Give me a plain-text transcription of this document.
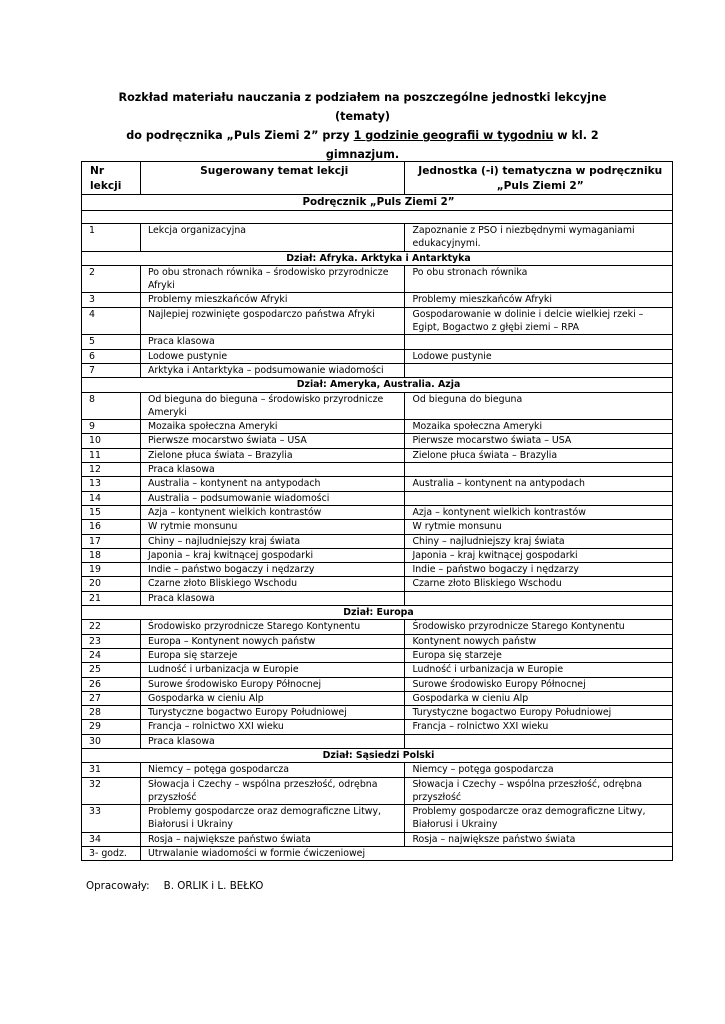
Rozkład materiału nauczania z podziałem na poszczególne jednostki lekcyjne (tematy)
do podręcznika „Puls Ziemi 2” przy 1 godzinie geografii w tygodniu w kl. 2 gimnazjum.
Nr lekcji	Sugerowany temat lekcji	Jednostka (-i) tematyczna w podręczniku „Puls Ziemi 2”
Podręcznik „Puls Ziemi 2”		

1	Lekcja organizacyjna	Zapoznanie z PSO i niezbędnymi wymaganiami edukacyjnymi.
Dział: Afryka. Arktyka i Antarktyka		
2	Po obu stronach równika – środowisko przyrodnicze Afryki	Po obu stronach równika
3	Problemy mieszkańców Afryki	Problemy mieszkańców Afryki
4	Najlepiej rozwinięte gospodarczo państwa Afryki	Gospodarowanie w dolinie i delcie wielkiej rzeki – Egipt, Bogactwo z głębi ziemi – RPA
5	Praca klasowa	
6	Lodowe pustynie	Lodowe pustynie
7	Arktyka i Antarktyka – podsumowanie wiadomości	
Dział: Ameryka, Australia. Azja		
8	Od bieguna do bieguna – środowisko przyrodnicze Ameryki	Od bieguna do bieguna
9	Mozaika społeczna Ameryki	Mozaika społeczna Ameryki
10	Pierwsze mocarstwo świata – USA	Pierwsze mocarstwo świata – USA
11	Zielone płuca świata – Brazylia	Zielone płuca świata – Brazylia
12	Praca klasowa	
13	Australia – kontynent na antypodach	Australia – kontynent na antypodach
14	Australia – podsumowanie wiadomości	
15	Azja – kontynent wielkich kontrastów	Azja – kontynent wielkich kontrastów
16	W rytmie monsunu	W rytmie monsunu
17	Chiny – najludniejszy kraj świata	Chiny – najludniejszy kraj świata
18	Japonia – kraj kwitnącej gospodarki	Japonia – kraj kwitnącej gospodarki
19	Indie – państwo bogaczy i nędzarzy	Indie – państwo bogaczy i nędzarzy
20	Czarne złoto Bliskiego Wschodu	Czarne złoto Bliskiego Wschodu
21	Praca klasowa	
Dział: Europa		
22	Środowisko przyrodnicze Starego Kontynentu	Środowisko przyrodnicze Starego Kontynentu
23	Europa – Kontynent nowych państw	Kontynent nowych państw
24	Europa się starzeje	Europa się starzeje
25	Ludność i urbanizacja w Europie	Ludność i urbanizacja w Europie
26	Surowe środowisko Europy Północnej	Surowe środowisko Europy Północnej
27	Gospodarka w cieniu Alp	Gospodarka w cieniu Alp
28	Turystyczne bogactwo Europy Południowej	Turystyczne bogactwo Europy Południowej
29	Francja – rolnictwo XXI wieku	Francja – rolnictwo XXI wieku
30	Praca klasowa	
Dział: Sąsiedzi Polski		
31	Niemcy – potęga gospodarcza	Niemcy – potęga gospodarcza
32	Słowacja i Czechy – wspólna przeszłość, odrębna przyszłość	Słowacja i Czechy – wspólna przeszłość, odrębna przyszłość
33	Problemy gospodarcze oraz demograficzne Litwy, Białorusi i Ukrainy	Problemy gospodarcze oraz demograficzne Litwy, Białorusi i Ukrainy
34	Rosja – największe państwo świata	Rosja – największe państwo świata
3- godz.	Utrwalanie wiadomości w formie ćwiczeniowej	
Opracowały: B. ORLIK i L. BEŁKO
